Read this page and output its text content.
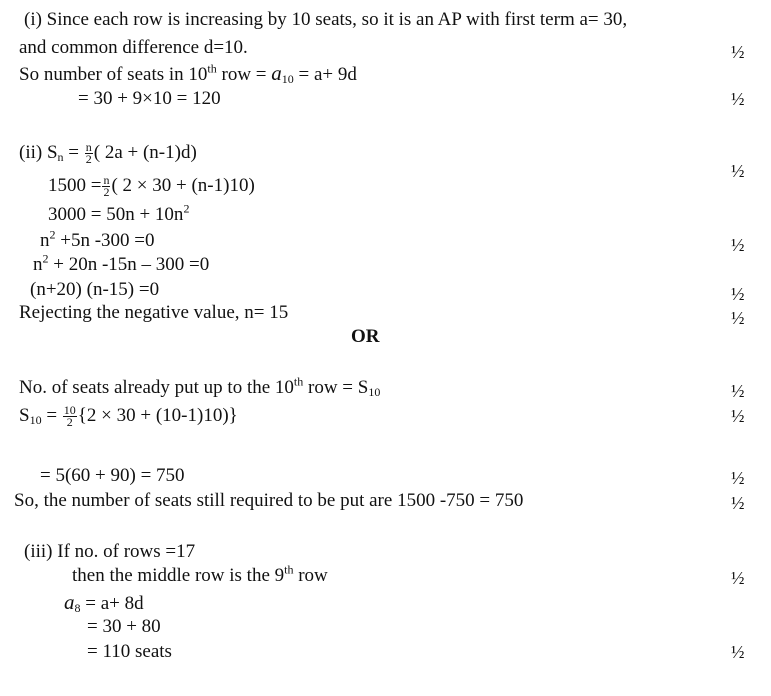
(i) Since each row is increasing by 10 seats, so it is an AP with first term a= 30,
and common difference d=10.	½
So number of seats in 10th row = $a_{10} = a+ 9d$
= 30 + 9×10 = 120	½
(ii) $S_n = \frac{n}{2}$ ( 2a + (n-1)d)
½
$1500 = \frac{n}{2}$ ( 2 × 30 + (n-1)10)
$3000 = 50n + 10n^2$
$n^2 +5n$ -300 =0	½
$n^2 + 20n$ -15n – 300 =0
(n+20) (n-15) =0	½
Rejecting the negative value, n= 15	½
OR
No. of seats already put up to the 10th row = $S_{10}$	½
$S_{10} = \frac{10}{2} \{2 \times 30 + (10-1)10)$}	½
= 5(60 + 90) = 750	½
So, the number of seats still required to be put are 1500 -750 = 750	½
(iii) If no. of rows =17
then the middle row is the 9th row	½
$a_8 = a+ 8d$
= 30 + 80
= 110 seats	½
